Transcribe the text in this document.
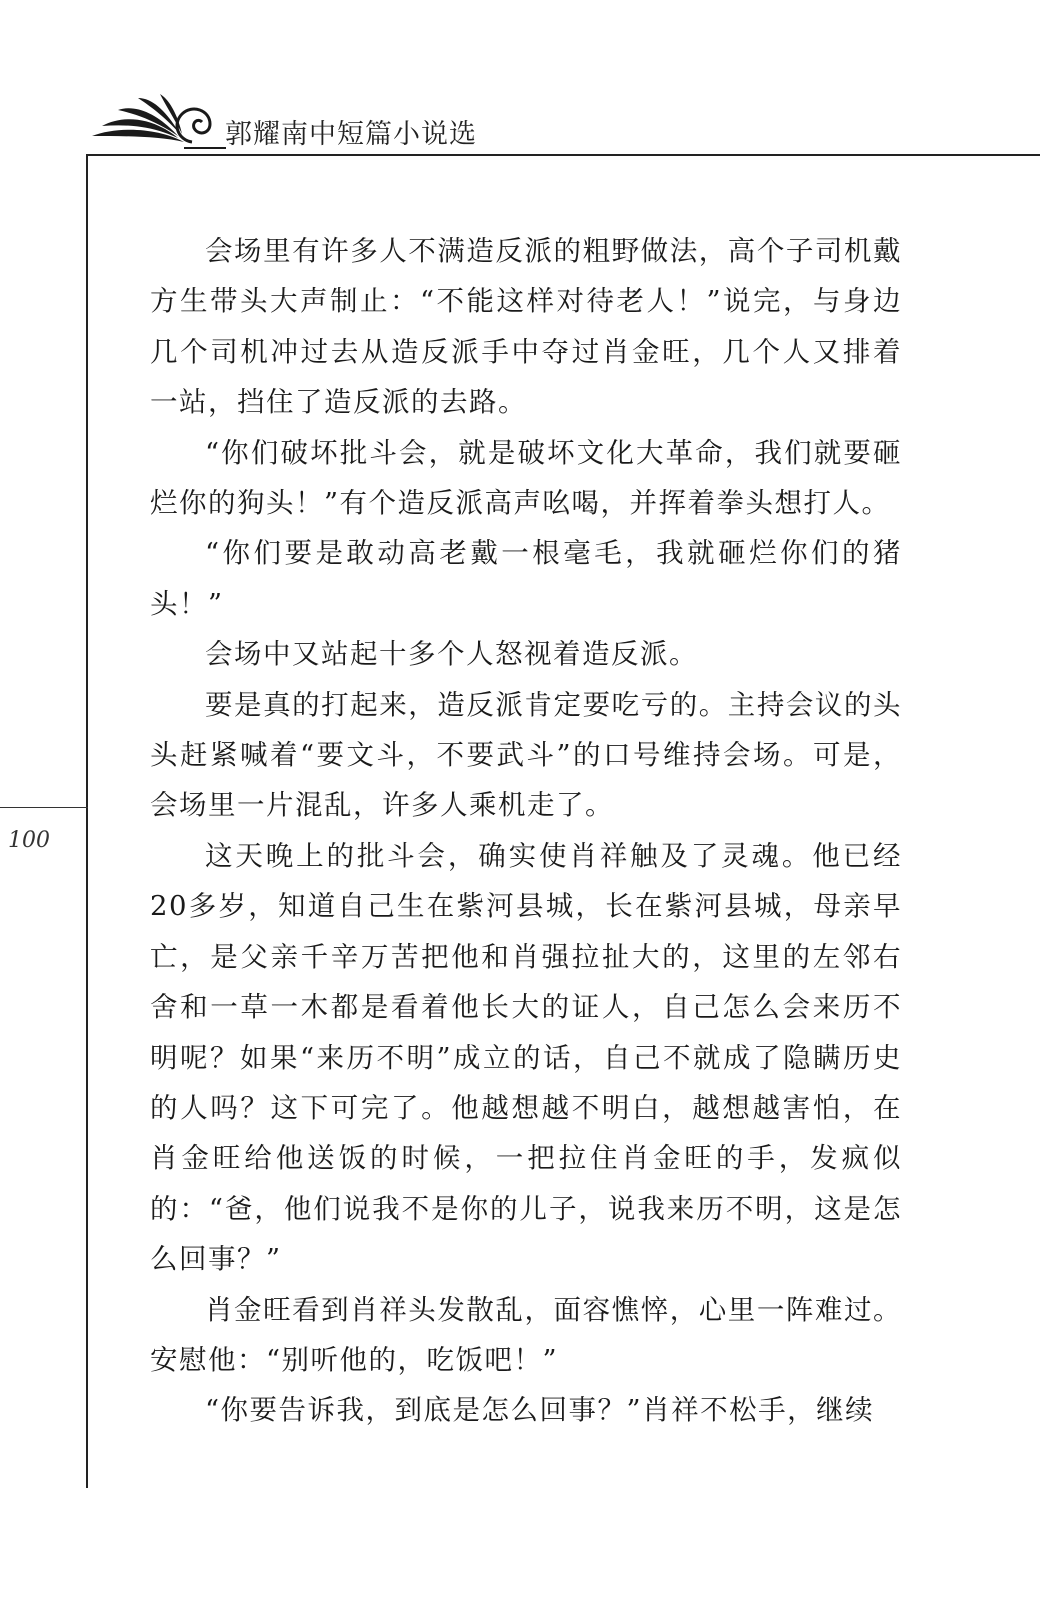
郭耀南中短篇小说选
100

会场里有许多人不满造反派的粗野做法，高个子司机戴方生带头大声制止：“不能这样对待老人！”说完，与身边几个司机冲过去从造反派手中夺过肖金旺，几个人又排着一站，挡住了造反派的去路。

“你们破坏批斗会，就是破坏文化大革命，我们就要砸烂你的狗头！”有个造反派高声吆喝，并挥着拳头想打人。

“你们要是敢动高老戴一根毫毛，我就砸烂你们的猪头！”

会场中又站起十多个人怒视着造反派。

要是真的打起来，造反派肯定要吃亏的。主持会议的头头赶紧喊着“要文斗，不要武斗”的口号维持会场。可是，会场里一片混乱，许多人乘机走了。

这天晚上的批斗会，确实使肖祥触及了灵魂。他已经20多岁，知道自己生在紫河县城，长在紫河县城，母亲早亡，是父亲千辛万苦把他和肖强拉扯大的，这里的左邻右舍和一草一木都是看着他长大的证人，自己怎么会来历不明呢？如果“来历不明”成立的话，自己不就成了隐瞒历史的人吗？这下可完了。他越想越不明白，越想越害怕，在肖金旺给他送饭的时候，一把拉住肖金旺的手，发疯似的：“爸，他们说我不是你的儿子，说我来历不明，这是怎么回事？”

肖金旺看到肖祥头发散乱，面容憔悴，心里一阵难过。安慰他：“别听他的，吃饭吧！”

“你要告诉我，到底是怎么回事？”肖祥不松手，继续
